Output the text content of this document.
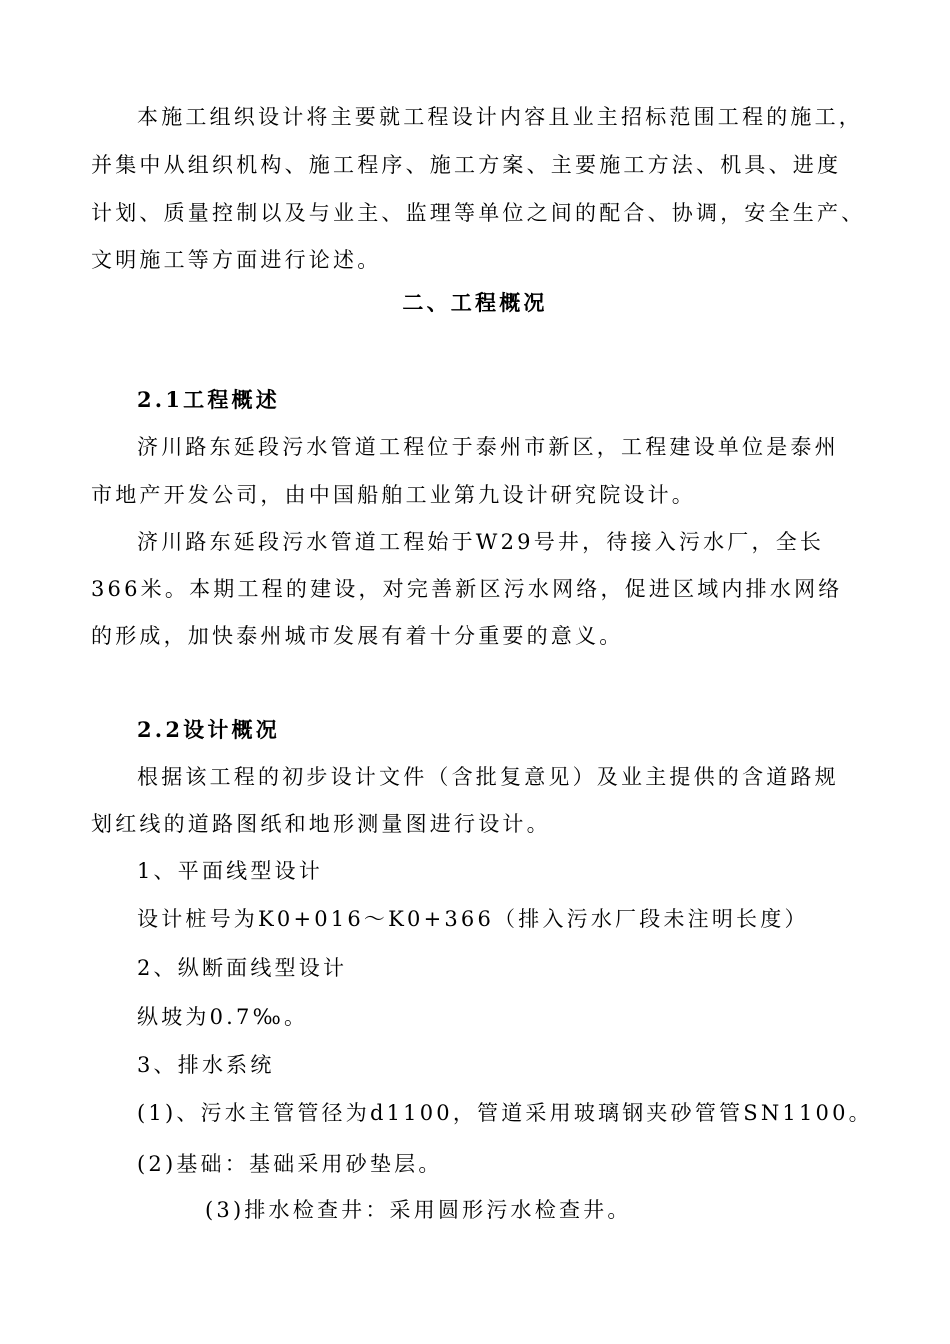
本施工组织设计将主要就工程设计内容且业主招标范围工程的施工，
并集中从组织机构、施工程序、施工方案、主要施工方法、机具、进度
计划、质量控制以及与业主、监理等单位之间的配合、协调，安全生产、
文明施工等方面进行论述。
二、工程概况
2.1工程概述
济川路东延段污水管道工程位于泰州市新区，工程建设单位是泰州
市地产开发公司，由中国船舶工业第九设计研究院设计。
济川路东延段污水管道工程始于W29号井，待接入污水厂，全长
366米。本期工程的建设，对完善新区污水网络，促进区域内排水网络
的形成，加快泰州城市发展有着十分重要的意义。
2.2设计概况
根据该工程的初步设计文件（含批复意见）及业主提供的含道路规
划红线的道路图纸和地形测量图进行设计。
1、平面线型设计
设计桩号为K0+016～K0+366（排入污水厂段未注明长度）
2、纵断面线型设计
纵坡为0.7‰。
3、排水系统
(1)、污水主管管径为d1100，管道采用玻璃钢夹砂管管SN1100。
(2)基础：基础采用砂垫层。
(3)排水检查井：采用圆形污水检查井。
